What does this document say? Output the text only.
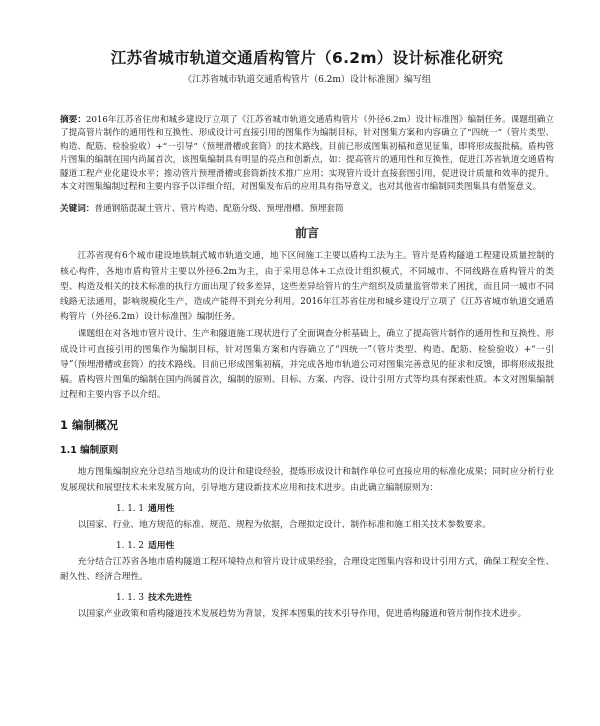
江苏省城市轨道交通盾构管片（6.2m）设计标准化研究
《江苏省城市轨道交通盾构管片（6.2m）设计标准图》编写组
摘要：2016年江苏省住房和城乡建设厅立项了《江苏省城市轨道交通盾构管片（外径6.2m）设计标准图》编制任务。课题组确立了提高管片制作的通用性和互换性、形成设计可直接引用的图集作为编制目标，针对图集方案和内容确立了“四统一”（管片类型、构造、配筋、检验验收）+“一引导”（预埋滑槽或套筒）的技术路线。目前已形成图集初稿和意见征集，即将形成报批稿。盾构管片图集的编制在国内尚属首次，该图集编制具有明显的亮点和创新点，如：提高管片的通用性和互换性，促进江苏省轨道交通盾构隧道工程产业化建设水平；推动管片预埋滑槽或套筒新技术推广应用；实现管片设计直接套图引用，促进设计质量和效率的提升。本文对图集编制过程和主要内容予以详细介绍，对图集发布后的应用具有指导意义，也对其他省市编制同类图集具有借鉴意义。
关键词：普通钢筋混凝土管片、管片构造、配筋分级、预埋滑槽、预埋套筒
前言

江苏省现有6个城市建设地铁制式城市轨道交通，地下区间施工主要以盾构工法为主。管片是盾构隧道工程建设质量控制的核心构件，各地市盾构管片主要以外径6.2m为主，由于采用总体+工点设计组织模式，不同城市、不同线路在盾构管片的类型、构造及相关的技术标准的执行方面出现了较多差异，这些差异给管片的生产组织及质量监管带来了困扰，而且同一城市不同线路无法通用，影响规模化生产，造成产能得不到充分利用。2016年江苏省住房和城乡建设厅立项了《江苏省城市轨道交通盾构管片（外径6.2m）设计标准图》编制任务。

课题组在对各地市管片设计、生产和隧道施工现状进行了全面调查分析基础上，确立了提高管片制作的通用性和互换性、形成设计可直接引用的图集作为编制目标，针对图集方案和内容确立了“四统一”（管片类型、构造、配筋、检验验收）+“一引导”（预埋滑槽或套筒）的技术路线。目前已形成图集初稿，并完成各地市轨道公司对图集完善意见的征求和反馈，即将形成报批稿。盾构管片图集的编制在国内尚属首次，编制的原则、目标、方案、内容、设计引用方式等均具有探索性质。本文对图集编制过程和主要内容予以介绍。

1 编制概况
1.1 编制原则

地方图集编制应充分总结当地成功的设计和建设经验，提炼形成设计和制作单位可直接应用的标准化成果；同时应分析行业发展现状和展望技术未来发展方向，引导地方建设新技术应用和技术进步。由此确立编制原则为：

1. 1. 1 通用性

以国家、行业、地方规范的标准、规范、规程为依据，合理拟定设计、制作标准和施工相关技术参数要求。

1. 1. 2 适用性

充分结合江苏省各地市盾构隧道工程环境特点和管片设计成果经验，合理设定图集内容和设计引用方式，确保工程安全性、耐久性、经济合理性。

1. 1. 3 技术先进性

以国家产业政策和盾构隧道技术发展趋势为背景，发挥本图集的技术引导作用，促进盾构隧道和管片制作技术进步。
